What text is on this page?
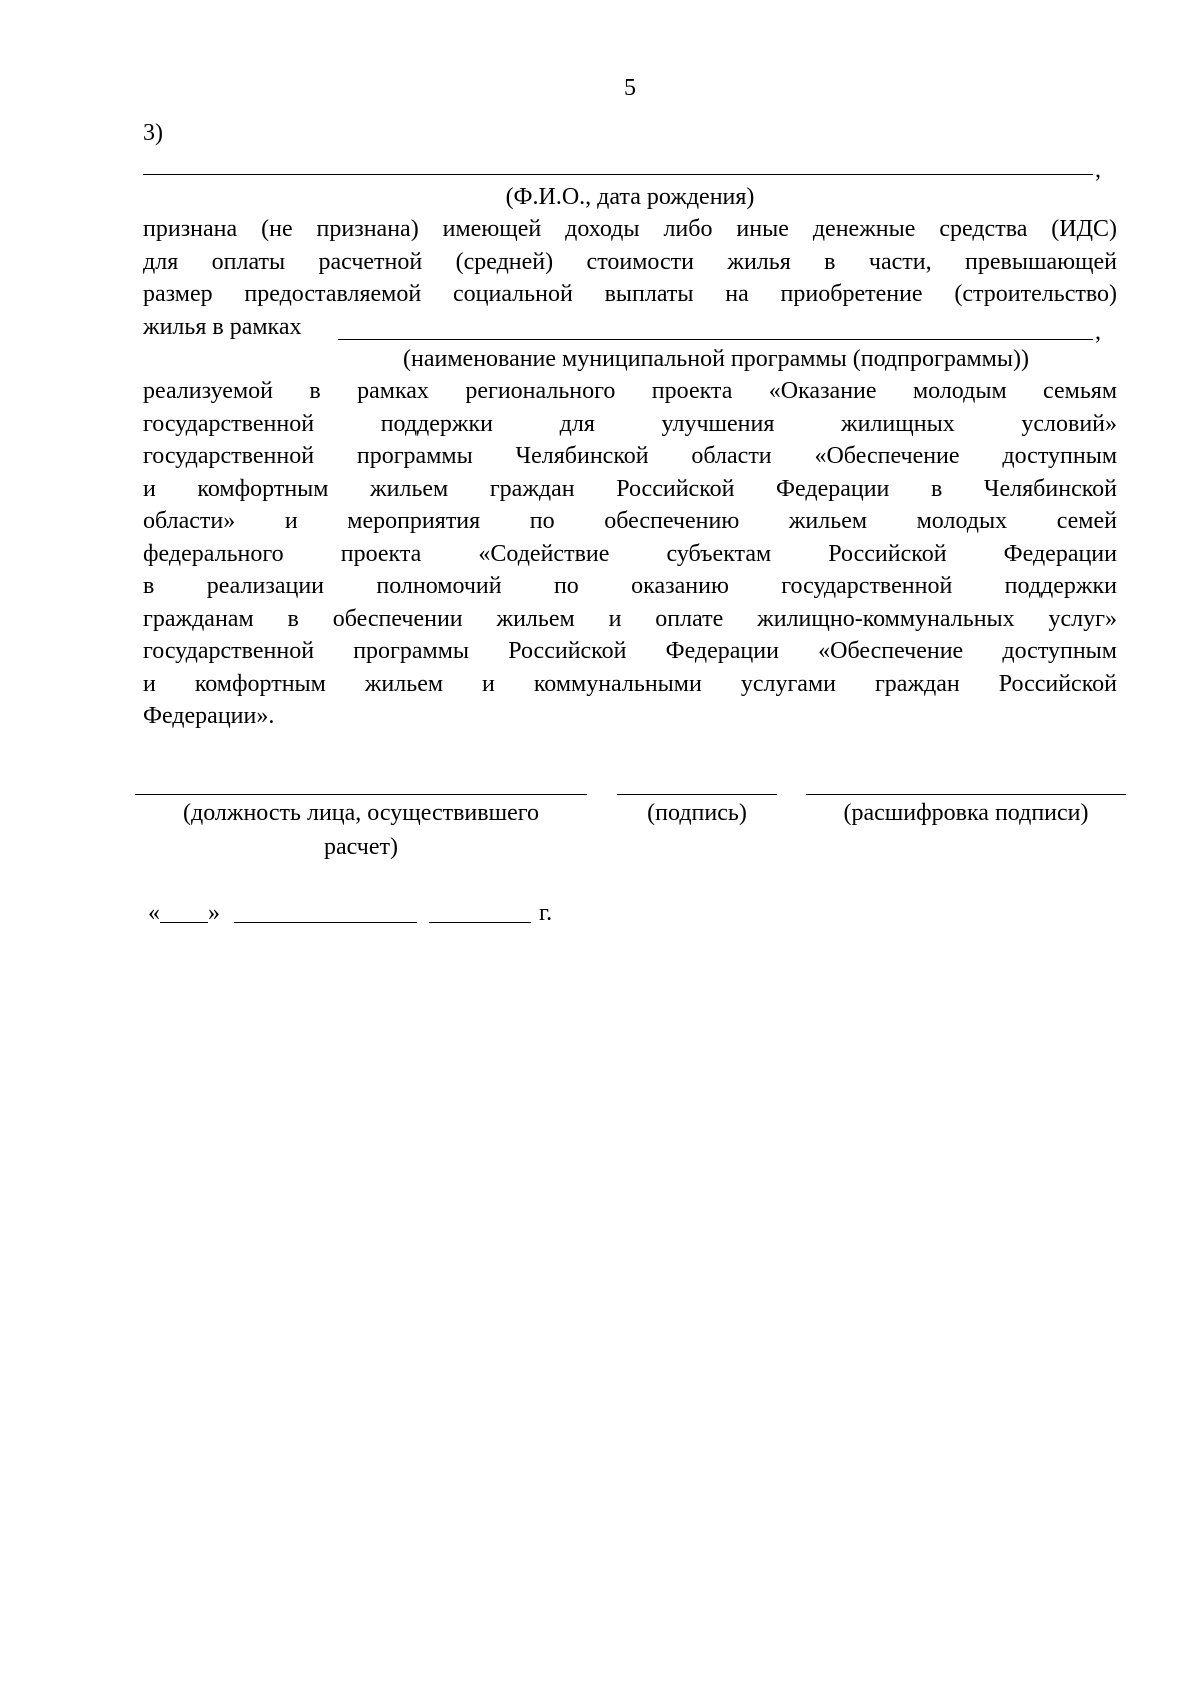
5
3)
,
(Ф.И.О., дата рождения)
признана (не признана) имеющей доходы либо иные денежные средства (ИДС)
для оплаты расчетной (средней) стоимости жилья в части, превышающей
размер предоставляемой социальной выплаты на приобретение (строительство)
жилья в рамках	,
(наименование муниципальной программы (подпрограммы))
реализуемой в рамках регионального проекта «Оказание молодым семьям
государственной поддержки для улучшения жилищных условий»
государственной программы Челябинской области «Обеспечение доступным
и комфортным жильем граждан Российской Федерации в Челябинской
области» и мероприятия по обеспечению жильем молодых семей
федерального проекта «Содействие субъектам Российской Федерации
в реализации полномочий по оказанию государственной поддержки
гражданам в обеспечении жильем и оплате жилищно-коммунальных услуг»
государственной программы Российской Федерации «Обеспечение доступным
и комфортным жильем и коммунальными услугами граждан Российской
Федерации».
(должность лица, осуществившего
расчет)
(подпись)	(расшифровка подписи)
« »	г.
